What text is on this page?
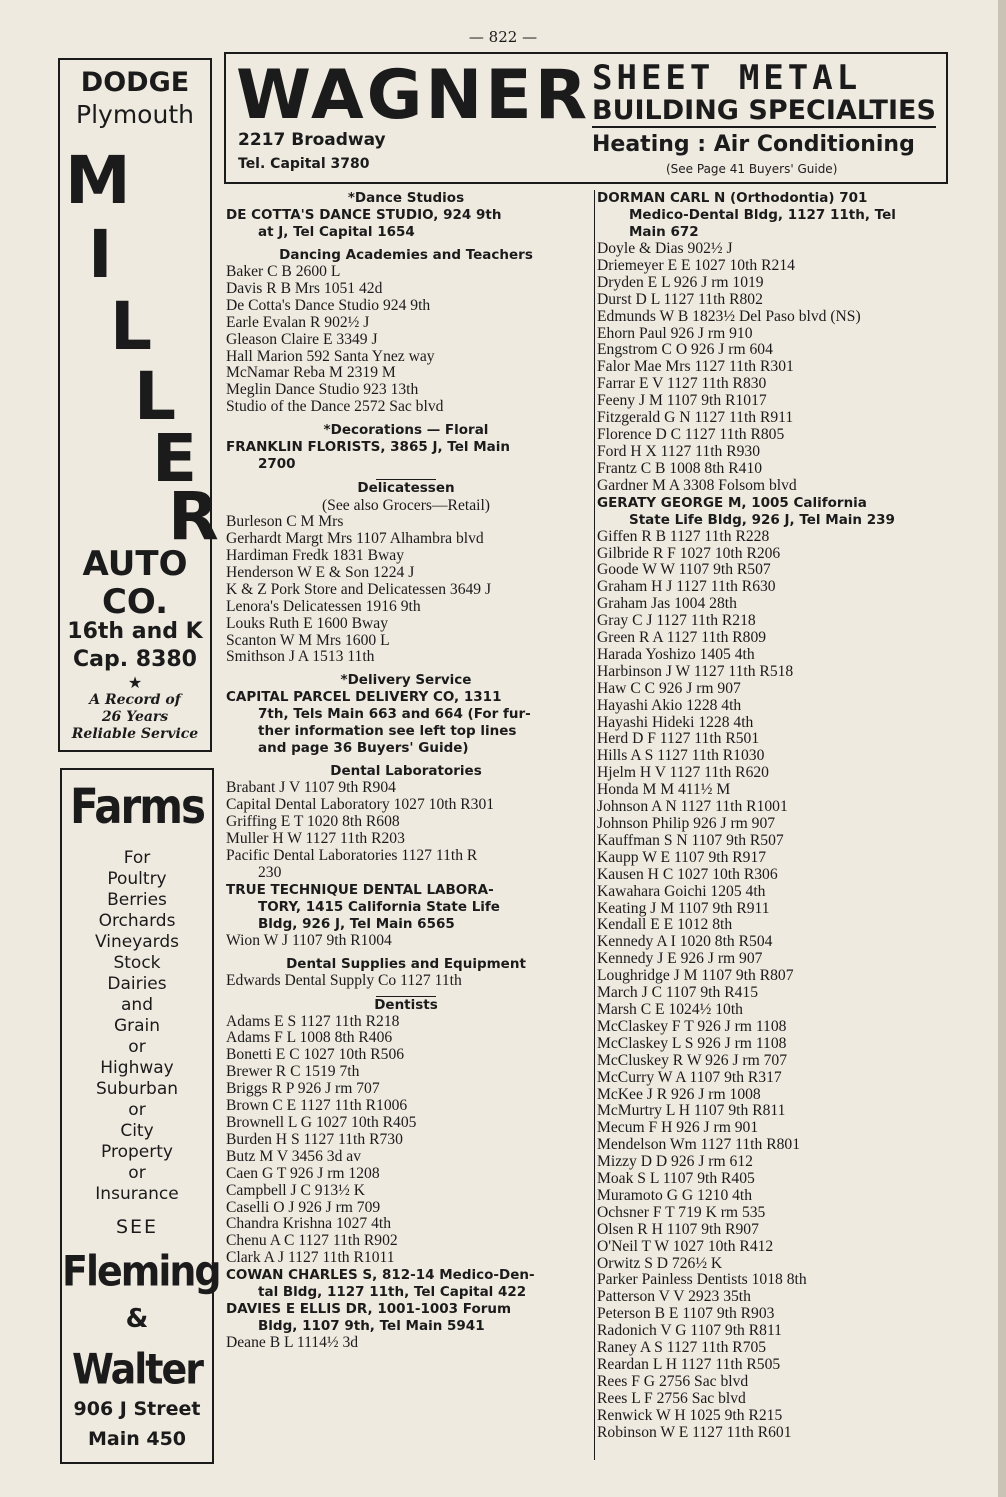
— 822 —
DODGE
Plymouth
M
I
L
L
E
R
AUTO
CO.
16th and K
Cap. 8380
★
A Record of
26 Years
Reliable Service
Farms
For
Poultry
Berries
Orchards
Vineyards
Stock
Dairies
and
Grain
or
Highway
Suburban
or
City
Property
or
Insurance
SEE
Fleming
&
Walter
906 J Street
Main 450
WAGNER
2217 Broadway
Tel. Capital 3780
SHEET METAL
BUILDING SPECIALTIES
Heating : Air Conditioning
(See Page 41 Buyers' Guide)
*Dance Studios
DE COTTA'S DANCE STUDIO, 924 9th
at J, Tel Capital 1654
Dancing Academies and Teachers
Baker C B 2600 L
Davis R B Mrs 1051 42d
De Cotta's Dance Studio 924 9th
Earle Evalan R 902½ J
Gleason Claire E 3349 J
Hall Marion 592 Santa Ynez way
McNamar Reba M 2319 M
Meglin Dance Studio 923 13th
Studio of the Dance 2572 Sac blvd
*Decorations — Floral
FRANKLIN FLORISTS, 3865 J, Tel Main
2700
Delicatessen
(See also Grocers—Retail)
Burleson C M Mrs
Gerhardt Margt Mrs 1107 Alhambra blvd
Hardiman Fredk 1831 Bway
Henderson W E & Son 1224 J
K & Z Pork Store and Delicatessen 3649 J
Lenora's Delicatessen 1916 9th
Louks Ruth E 1600 Bway
Scanton W M Mrs 1600 L
Smithson J A 1513 11th
*Delivery Service
CAPITAL PARCEL DELIVERY CO, 1311
7th, Tels Main 663 and 664 (For fur-
ther information see left top lines
and page 36 Buyers' Guide)
Dental Laboratories
Brabant J V 1107 9th R904
Capital Dental Laboratory 1027 10th R301
Griffing E T 1020 8th R608
Muller H W 1127 11th R203
Pacific Dental Laboratories 1127 11th R
230
TRUE TECHNIQUE DENTAL LABORA-
TORY, 1415 California State Life
Bldg, 926 J, Tel Main 6565
Wion W J 1107 9th R1004
Dental Supplies and Equipment
Edwards Dental Supply Co 1127 11th
Dentists
Adams E S 1127 11th R218
Adams F L 1008 8th R406
Bonetti E C 1027 10th R506
Brewer R C 1519 7th
Briggs R P 926 J rm 707
Brown C E 1127 11th R1006
Brownell L G 1027 10th R405
Burden H S 1127 11th R730
Butz M V 3456 3d av
Caen G T 926 J rm 1208
Campbell J C 913½ K
Caselli O J 926 J rm 709
Chandra Krishna 1027 4th
Chenu A C 1127 11th R902
Clark A J 1127 11th R1011
COWAN CHARLES S, 812-14 Medico-Den-
tal Bldg, 1127 11th, Tel Capital 422
DAVIES E ELLIS DR, 1001-1003 Forum
Bldg, 1107 9th, Tel Main 5941
Deane B L 1114½ 3d
DORMAN CARL N (Orthodontia) 701
Medico-Dental Bldg, 1127 11th, Tel
Main 672
Doyle & Dias 902½ J
Driemeyer E E 1027 10th R214
Dryden E L 926 J rm 1019
Durst D L 1127 11th R802
Edmunds W B 1823½ Del Paso blvd (NS)
Ehorn Paul 926 J rm 910
Engstrom C O 926 J rm 604
Falor Mae Mrs 1127 11th R301
Farrar E V 1127 11th R830
Feeny J M 1107 9th R1017
Fitzgerald G N 1127 11th R911
Florence D C 1127 11th R805
Ford H X 1127 11th R930
Frantz C B 1008 8th R410
Gardner M A 3308 Folsom blvd
GERATY GEORGE M, 1005 California
State Life Bldg, 926 J, Tel Main 239
Giffen R B 1127 11th R228
Gilbride R F 1027 10th R206
Goode W W 1107 9th R507
Graham H J 1127 11th R630
Graham Jas 1004 28th
Gray C J 1127 11th R218
Green R A 1127 11th R809
Harada Yoshizo 1405 4th
Harbinson J W 1127 11th R518
Haw C C 926 J rm 907
Hayashi Akio 1228 4th
Hayashi Hideki 1228 4th
Herd D F 1127 11th R501
Hills A S 1127 11th R1030
Hjelm H V 1127 11th R620
Honda M M 411½ M
Johnson A N 1127 11th R1001
Johnson Philip 926 J rm 907
Kauffman S N 1107 9th R507
Kaupp W E 1107 9th R917
Kausen H C 1027 10th R306
Kawahara Goichi 1205 4th
Keating J M 1107 9th R911
Kendall E E 1012 8th
Kennedy A I 1020 8th R504
Kennedy J E 926 J rm 907
Loughridge J M 1107 9th R807
March J C 1107 9th R415
Marsh C E 1024½ 10th
McClaskey F T 926 J rm 1108
McClaskey L S 926 J rm 1108
McCluskey R W 926 J rm 707
McCurry W A 1107 9th R317
McKee J R 926 J rm 1008
McMurtry L H 1107 9th R811
Mecum F H 926 J rm 901
Mendelson Wm 1127 11th R801
Mizzy D D 926 J rm 612
Moak S L 1107 9th R405
Muramoto G G 1210 4th
Ochsner F T 719 K rm 535
Olsen R H 1107 9th R907
O'Neil T W 1027 10th R412
Orwitz S D 726½ K
Parker Painless Dentists 1018 8th
Patterson V V 2923 35th
Peterson B E 1107 9th R903
Radonich V G 1107 9th R811
Raney A S 1127 11th R705
Reardan L H 1127 11th R505
Rees F G 2756 Sac blvd
Rees L F 2756 Sac blvd
Renwick W H 1025 9th R215
Robinson W E 1127 11th R601
